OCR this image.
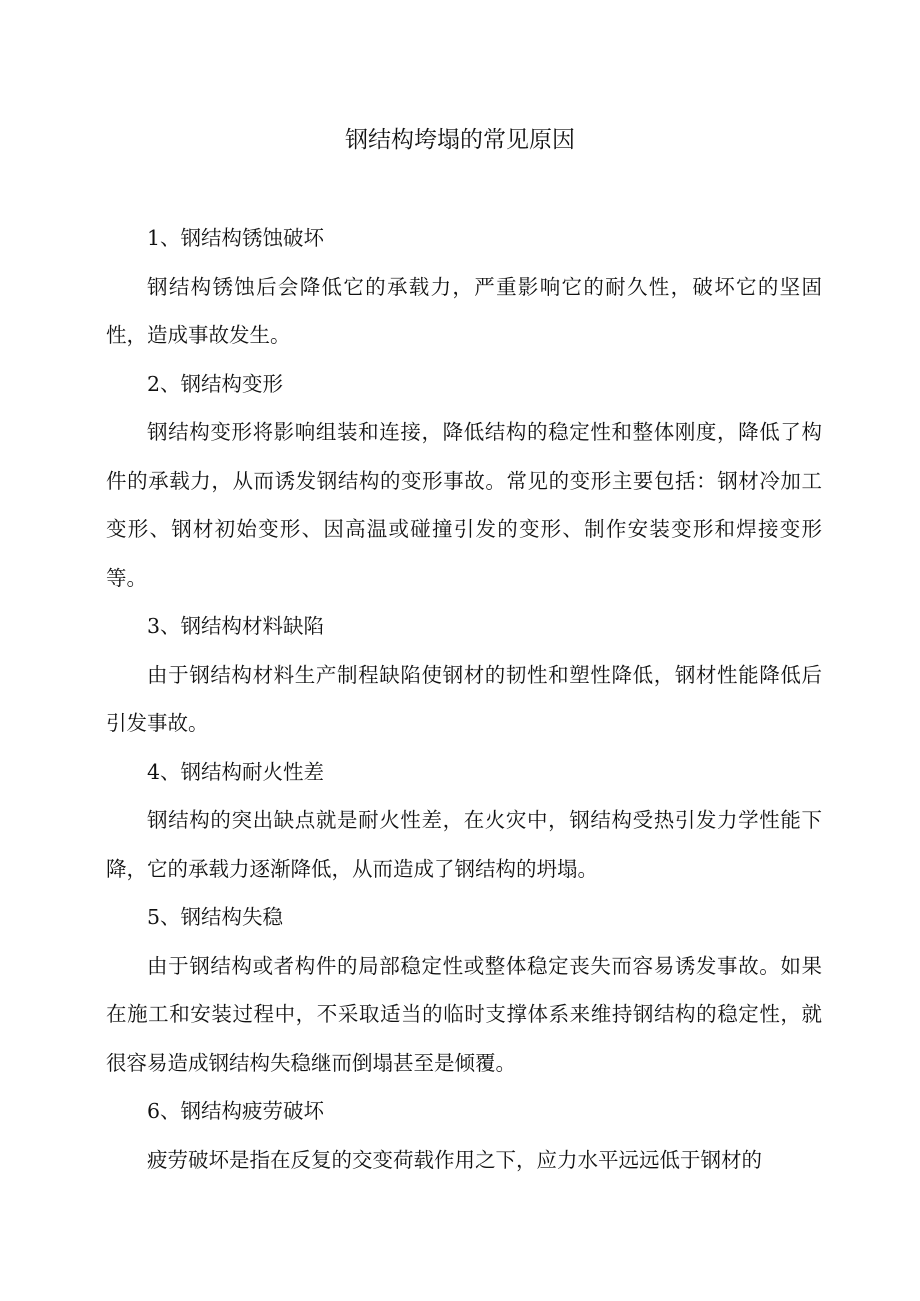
钢结构垮塌的常见原因

1、钢结构锈蚀破坏

钢结构锈蚀后会降低它的承载力，严重影响它的耐久性，破坏它的坚固性，造成事故发生。

2、钢结构变形

钢结构变形将影响组装和连接，降低结构的稳定性和整体刚度，降低了构件的承载力，从而诱发钢结构的变形事故。常见的变形主要包括：钢材冷加工变形、钢材初始变形、因高温或碰撞引发的变形、制作安装变形和焊接变形等。

3、钢结构材料缺陷

由于钢结构材料生产制程缺陷使钢材的韧性和塑性降低，钢材性能降低后引发事故。

4、钢结构耐火性差

钢结构的突出缺点就是耐火性差，在火灾中，钢结构受热引发力学性能下降，它的承载力逐渐降低，从而造成了钢结构的坍塌。

5、钢结构失稳

由于钢结构或者构件的局部稳定性或整体稳定丧失而容易诱发事故。如果在施工和安装过程中，不采取适当的临时支撑体系来维持钢结构的稳定性，就很容易造成钢结构失稳继而倒塌甚至是倾覆。

6、钢结构疲劳破坏

疲劳破坏是指在反复的交变荷载作用之下，应力水平远远低于钢材的
